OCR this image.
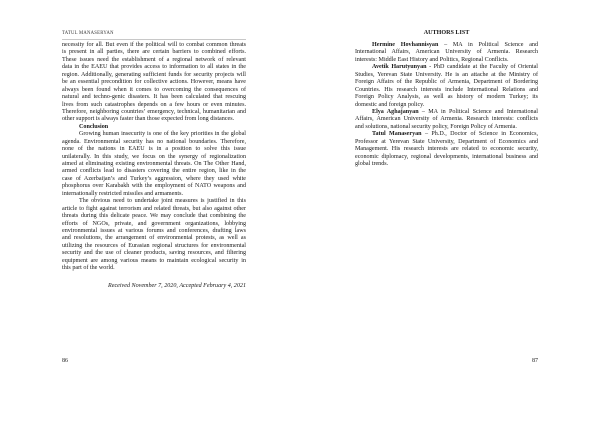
TATUL MANASERYAN
necessity for all. But even if the political will to combat common threats
is present in all parties, there are certain barriers to combined efforts.
These issues need the establishment of a regional network of relevant
data in the EAEU that provides access to information to all states in the
region. Additionally, generating sufficient funds for security projects will
be an essential precondition for collective actions. However, means have
always been found when it comes to overcoming the consequences of
natural and techno-genic disasters. It has been calculated that rescuing
lives from such catastrophes depends on a few hours or even minutes.
Therefore, neighboring countries’ emergency, technical, humanitarian and
other support is always faster than those expected from long distances.
Conclusion
Growing human insecurity is one of the key priorities in the global
agenda. Environmental security has no national boundaries. Therefore,
none of the nations in EAEU is in a position to solve this issue
unilaterally. In this study, we focus on the synergy of regionalization
aimed at eliminating existing environmental threats. On The Other Hand,
armed conflicts lead to disasters covering the entire region, like in the
case of Azerbaijan’s and Turkey’s aggression, where they used white
phosphorus over Karabakh with the employment of NATO weapons and
internationally restricted missiles and armaments.
The obvious need to undertake joint measures is justified in this
article to fight against terrorism and related threats, but also against other
threats during this delicate peace. We may conclude that combining the
efforts of NGOs, private, and government organizations, lobbying
environmental issues at various forums and conferences, drafting laws
and resolutions, the arrangement of environmental protests, as well as
utilizing the resources of Eurasian regional structures for environmental
security and the use of cleaner products, saving resources, and filtering
equipment are among various means to maintain ecological security in
this part of the world.
Received November 7, 2020, Accepted February 4, 2021
86
AUTHORS LIST
Hermine Hovhannisyan – MA in Political Science and
International Affairs, American University of Armenia. Research
interests: Middle East History and Politics, Regional Conflicts.
Avetik Harutyunyan - PhD candidate at the Faculty of Oriental
Studies, Yerevan State University. He is an attache at the Ministry of
Foreign Affairs of the Republic of Armenia, Department of Bordering
Countries. His research interests include International Relations and
Foreign Policy Analysis, as well as history of modern Turkey; its
domestic and foreign policy.
Elya Aghajanyan – MA in Political Science and International
Affairs, American University of Armenia. Research interests: conflicts
and solutions, national security policy, Foreign Policy of Armenia.
Tatul Manaseryan – Ph.D., Doctor of Science in Economics,
Professor at Yerevan State University, Department of Economics and
Management. His research interests are related to economic security,
economic diplomacy, regional developments, international business and
global trends.
87
